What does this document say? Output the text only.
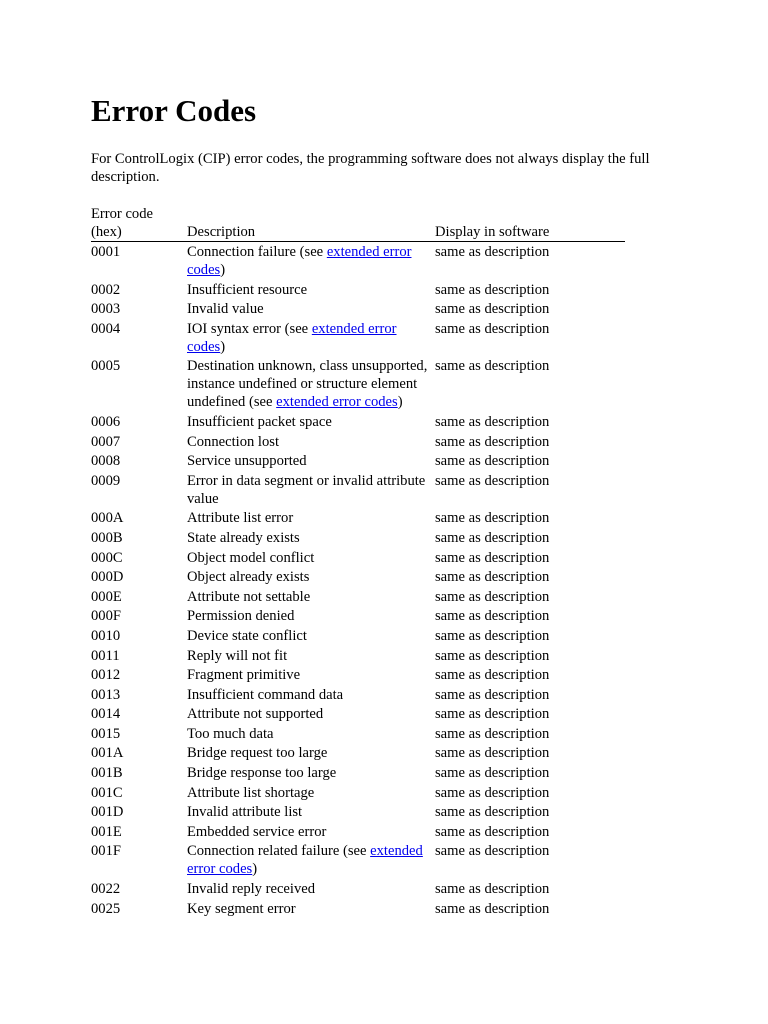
Error Codes

For ControlLogix (CIP) error codes, the programming software does not always display the full description.

Error code
(hex)	Description	Display in software
0001	Connection failure (see extended error codes)	same as description
0002	Insufficient resource	same as description
0003	Invalid value	same as description
0004	IOI syntax error (see extended error codes)	same as description
0005	Destination unknown, class unsupported, instance undefined or structure element undefined (see extended error codes)	same as description
0006	Insufficient packet space	same as description
0007	Connection lost	same as description
0008	Service unsupported	same as description
0009	Error in data segment or invalid attribute value	same as description
000A	Attribute list error	same as description
000B	State already exists	same as description
000C	Object model conflict	same as description
000D	Object already exists	same as description
000E	Attribute not settable	same as description
000F	Permission denied	same as description
0010	Device state conflict	same as description
0011	Reply will not fit	same as description
0012	Fragment primitive	same as description
0013	Insufficient command data	same as description
0014	Attribute not supported	same as description
0015	Too much data	same as description
001A	Bridge request too large	same as description
001B	Bridge response too large	same as description
001C	Attribute list shortage	same as description
001D	Invalid attribute list	same as description
001E	Embedded service error	same as description
001F	Connection related failure (see extended error codes)	same as description
0022	Invalid reply received	same as description
0025	Key segment error	same as description
